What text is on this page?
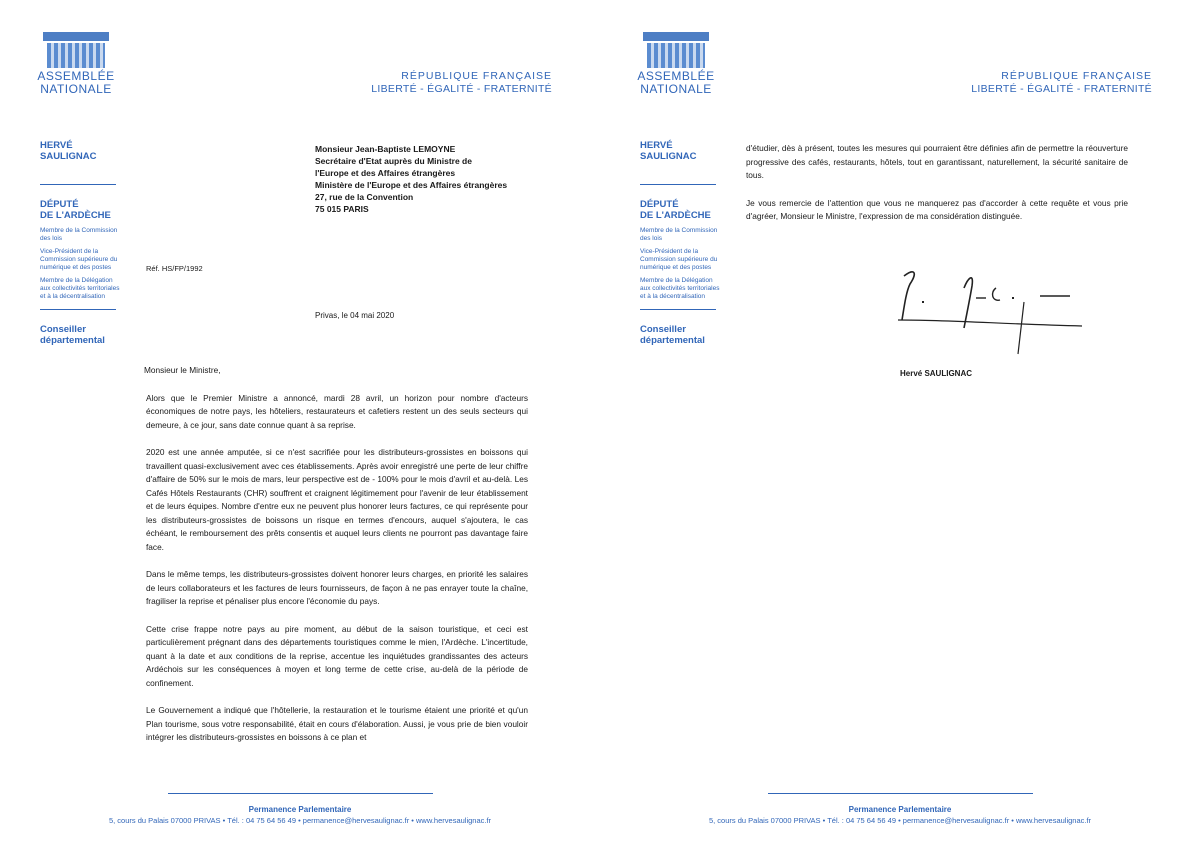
ASSEMBLÉE
NATIONALE
RÉPUBLIQUE FRANÇAISE
LIBERTÉ - ÉGALITÉ - FRATERNITÉ
HERVÉ
SAULIGNAC
DÉPUTÉ
DE L'ARDÈCHE
Membre de la Commission des lois
Vice-Président de la Commission supérieure du numérique et des postes
Membre de la Délégation aux collectivités territoriales et à la décentralisation
Conseiller
départemental
Monsieur Jean-Baptiste LEMOYNE
Secrétaire d'Etat auprès du Ministre de
l'Europe et des Affaires étrangères
Ministère de l'Europe et des Affaires étrangères
27, rue de la Convention
75 015 PARIS
Réf. HS/FP/1992
Privas, le 04 mai 2020
Monsieur le Ministre,

Alors que le Premier Ministre a annoncé, mardi 28 avril, un horizon pour nombre d'acteurs économiques de notre pays, les hôteliers, restaurateurs et cafetiers restent un des seuls secteurs qui demeure, à ce jour, sans date connue quant à sa reprise.

2020 est une année amputée, si ce n'est sacrifiée pour les distributeurs-grossistes en boissons qui travaillent quasi-exclusivement avec ces établissements. Après avoir enregistré une perte de leur chiffre d'affaire de 50% sur le mois de mars, leur perspective est de - 100% pour le mois d'avril et au-delà. Les Cafés Hôtels Restaurants (CHR) souffrent et craignent légitimement pour l'avenir de leur établissement et de leurs équipes. Nombre d'entre eux ne peuvent plus honorer leurs factures, ce qui représente pour les distributeurs-grossistes de boissons un risque en termes d'encours, auquel s'ajoutera, le cas échéant, le remboursement des prêts consentis et auquel leurs clients ne pourront pas davantage faire face.

Dans le même temps, les distributeurs-grossistes doivent honorer leurs charges, en priorité les salaires de leurs collaborateurs et les factures de leurs fournisseurs, de façon à ne pas enrayer toute la chaîne, fragiliser la reprise et pénaliser plus encore l'économie du pays.

Cette crise frappe notre pays au pire moment, au début de la saison touristique, et ceci est particulièrement prégnant dans des départements touristiques comme le mien, l'Ardèche. L'incertitude, quant à la date et aux conditions de la reprise, accentue les inquiétudes grandissantes des acteurs Ardéchois sur les conséquences à moyen et long terme de cette crise, au-delà de la période de confinement.

Le Gouvernement a indiqué que l'hôtellerie, la restauration et le tourisme étaient une priorité et qu'un Plan tourisme, sous votre responsabilité, était en cours d'élaboration. Aussi, je vous prie de bien vouloir intégrer les distributeurs-grossistes en boissons à ce plan et

Permanence Parlementaire
5, cours du Palais 07000 PRIVAS • Tél. : 04 75 64 56 49 • permanence@hervesaulignac.fr • www.hervesaulignac.fr
ASSEMBLÉE
NATIONALE
RÉPUBLIQUE FRANÇAISE
LIBERTÉ - ÉGALITÉ - FRATERNITÉ
HERVÉ
SAULIGNAC
DÉPUTÉ
DE L'ARDÈCHE
Membre de la Commission des lois
Vice-Président de la Commission supérieure du numérique et des postes
Membre de la Délégation aux collectivités territoriales et à la décentralisation
Conseiller
départemental
Permanence Parlementaire
5, cours du Palais 07000 PRIVAS • Tél. : 04 75 64 56 49 • permanence@hervesaulignac.fr • www.hervesaulignac.fr

d'étudier, dès à présent, toutes les mesures qui pourraient être définies afin de permettre la réouverture progressive des cafés, restaurants, hôtels, tout en garantissant, naturellement, la sécurité sanitaire de tous.

Je vous remercie de l'attention que vous ne manquerez pas d'accorder à cette requête et vous prie d'agréer, Monsieur le Ministre, l'expression de ma considération distinguée.

Hervé SAULIGNAC
